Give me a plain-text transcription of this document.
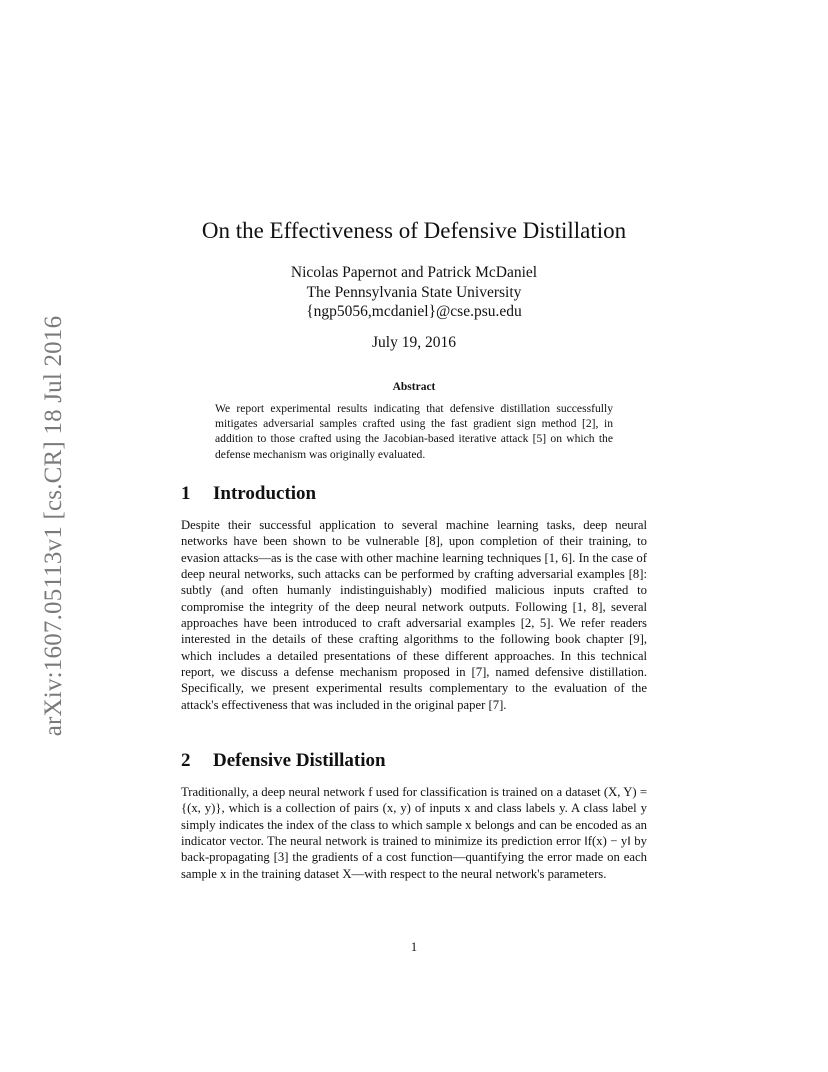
arXiv:1607.05113v1 [cs.CR] 18 Jul 2016
On the Effectiveness of Defensive Distillation
Nicolas Papernot and Patrick McDaniel
The Pennsylvania State University
{ngp5056,mcdaniel}@cse.psu.edu
July 19, 2016
Abstract
We report experimental results indicating that defensive distillation successfully mitigates adversarial samples crafted using the fast gradient sign method [2], in addition to those crafted using the Jacobian-based iterative attack [5] on which the defense mechanism was originally evaluated.
1 Introduction
Despite their successful application to several machine learning tasks, deep neural networks have been shown to be vulnerable [8], upon completion of their training, to evasion attacks—as is the case with other machine learning techniques [1, 6]. In the case of deep neural networks, such attacks can be performed by crafting adversarial examples [8]: subtly (and often humanly indistinguishably) modified malicious inputs crafted to compromise the integrity of the deep neural network outputs. Following [1, 8], several approaches have been introduced to craft adversarial examples [2, 5]. We refer readers interested in the details of these crafting algorithms to the following book chapter [9], which includes a detailed presentations of these different approaches. In this technical report, we discuss a defense mechanism proposed in [7], named defensive distillation. Specifically, we present experimental results complementary to the evaluation of the attack's effectiveness that was included in the original paper [7].
2 Defensive Distillation
Traditionally, a deep neural network f used for classification is trained on a dataset (X, Y) = {(x, y)}, which is a collection of pairs (x, y) of inputs x and class labels y. A class label y simply indicates the index of the class to which sample x belongs and can be encoded as an indicator vector. The neural network is trained to minimize its prediction error ‖f(x) − y‖ by back-propagating [3] the gradients of a cost function—quantifying the error made on each sample x in the training dataset X—with respect to the neural network's parameters.
1
